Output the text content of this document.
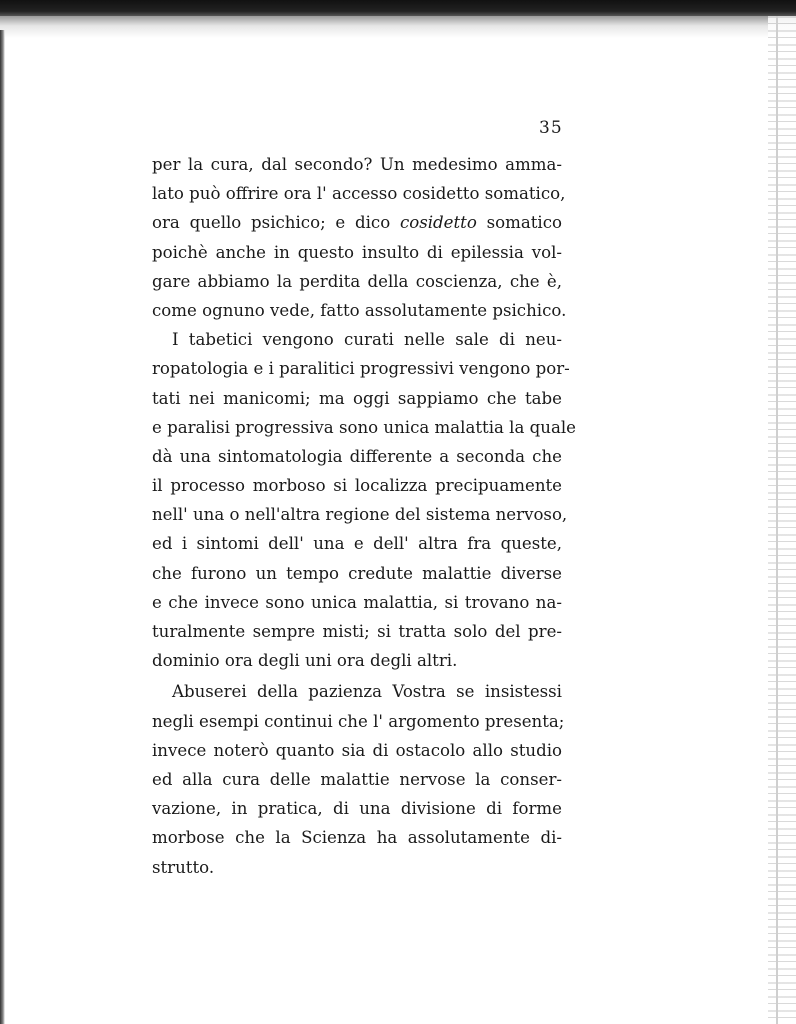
35
per la cura, dal secondo? Un medesimo amma-
lato può offrire ora l' accesso cosidetto somatico,
ora quello psichico; e dico cosidetto somatico
poichè anche in questo insulto di epilessia vol-
gare abbiamo la perdita della coscienza, che è,
come ognuno vede, fatto assolutamente psichico.
I tabetici vengono curati nelle sale di neu-
ropatologia e i paralitici progressivi vengono por-
tati nei manicomi; ma oggi sappiamo che tabe
e paralisi progressiva sono unica malattia la quale
dà una sintomatologia differente a seconda che
il processo morboso si localizza precipuamente
nell' una o nell'altra regione del sistema nervoso,
ed i sintomi dell' una e dell' altra fra queste,
che furono un tempo credute malattie diverse
e che invece sono unica malattia, si trovano na-
turalmente sempre misti; si tratta solo del pre-
dominio ora degli uni ora degli altri.
Abuserei della pazienza Vostra se insistessi
negli esempi continui che l' argomento presenta;
invece noterò quanto sia di ostacolo allo studio
ed alla cura delle malattie nervose la conser-
vazione, in pratica, di una divisione di forme
morbose che la Scienza ha assolutamente di-
strutto.
